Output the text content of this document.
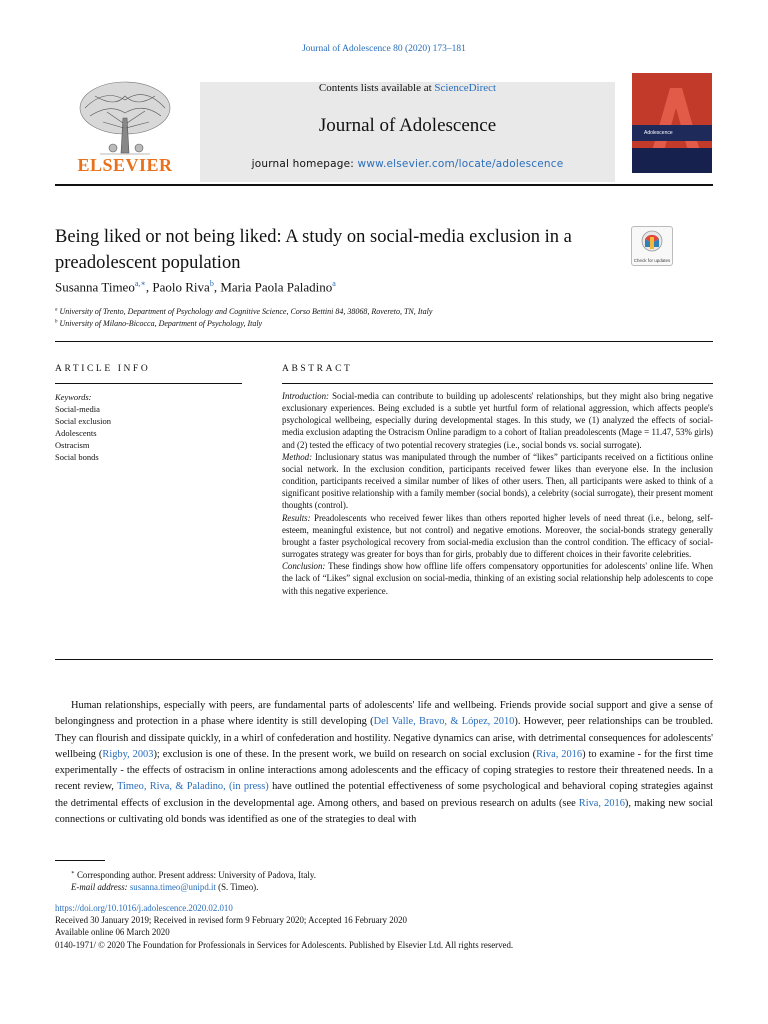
Journal of Adolescence 80 (2020) 173–181
Contents lists available at ScienceDirect
Journal of Adolescence
journal homepage: www.elsevier.com/locate/adolescence
ELSEVIER
Adolescence
Check for updates
Being liked or not being liked: A study on social-media exclusion in a preadolescent population
Susanna Timeo$^{a,∗}$, Paolo Riva$^b$, Maria Paola Paladino$^a$
$^a$ University of Trento, Department of Psychology and Cognitive Science, Corso Bettini 84, 38068, Rovereto, TN, Italy
$^b$ University of Milano-Bicocca, Department of Psychology, Italy
ARTICLE INFO
Keywords:
Social-media
Social exclusion
Adolescents
Ostracism
Social bonds
ABSTRACT

Introduction: Social-media can contribute to building up adolescents' relationships, but they might also bring negative exclusionary experiences. Being excluded is a subtle yet hurtful form of relational aggression, which affects people's psychological wellbeing, especially during developmental stages. In this study, we (1) analyzed the effects of social-media exclusion adapting the Ostracism Online paradigm to a cohort of Italian preadolescents (Mage = 11.47, 53% girls) and (2) tested the efficacy of two potential recovery strategies (i.e., social bonds vs. social surrogate).

Method: Inclusionary status was manipulated through the number of “likes” participants received on a fictitious online social network. In the exclusion condition, participants received fewer likes than everyone else. In the inclusion condition, participants received a similar number of likes of other users. Then, all participants were asked to think of a significant positive relationship with a family member (social bonds), a celebrity (social surrogate), their present moment thoughts (control).

Results: Preadolescents who received fewer likes than others reported higher levels of need threat (i.e., belong, self-esteem, meaningful existence, but not control) and negative emotions. Moreover, the social-bonds strategy generally brought a faster psychological recovery from social-media exclusion than the control condition. The efficacy of social-surrogates strategy was greater for boys than for girls, probably due to different choices in their favorite celebrities.

Conclusion: These findings show how offline life offers compensatory opportunities for adolescents' online life. When the lack of “Likes” signal exclusion on social-media, thinking of an existing social relationship help adolescents to cope with this negative experience.

Human relationships, especially with peers, are fundamental parts of adolescents' life and wellbeing. Friends provide social support and give a sense of belongingness and protection in a phase where identity is still developing (Del Valle, Bravo, & López, 2010). However, peer relationships can be troubled. They can flourish and dissipate quickly, in a whirl of confederation and hostility. Negative dynamics can arise, with detrimental consequences for adolescents' wellbeing (Rigby, 2003); exclusion is one of these. In the present work, we build on research on social exclusion (Riva, 2016) to examine - for the first time experimentally - the effects of ostracism in online interactions among adolescents and the efficacy of coping strategies to restore their threatened needs. In a recent review, Timeo, Riva, & Paladino, (in press) have outlined the potential effectiveness of some psychological and behavioral coping strategies against the detrimental effects of exclusion in the developmental age. Among others, and based on previous research on adults (see Riva, 2016), making new social connections or cultivating old bonds was identified as one of the strategies to deal with

∗ Corresponding author. Present address: University of Padova, Italy.
E-mail address: susanna.timeo@unipd.it (S. Timeo).
https://doi.org/10.1016/j.adolescence.2020.02.010
Received 30 January 2019; Received in revised form 9 February 2020; Accepted 16 February 2020
Available online 06 March 2020
0140-1971/ © 2020 The Foundation for Professionals in Services for Adolescents. Published by Elsevier Ltd. All rights reserved.
